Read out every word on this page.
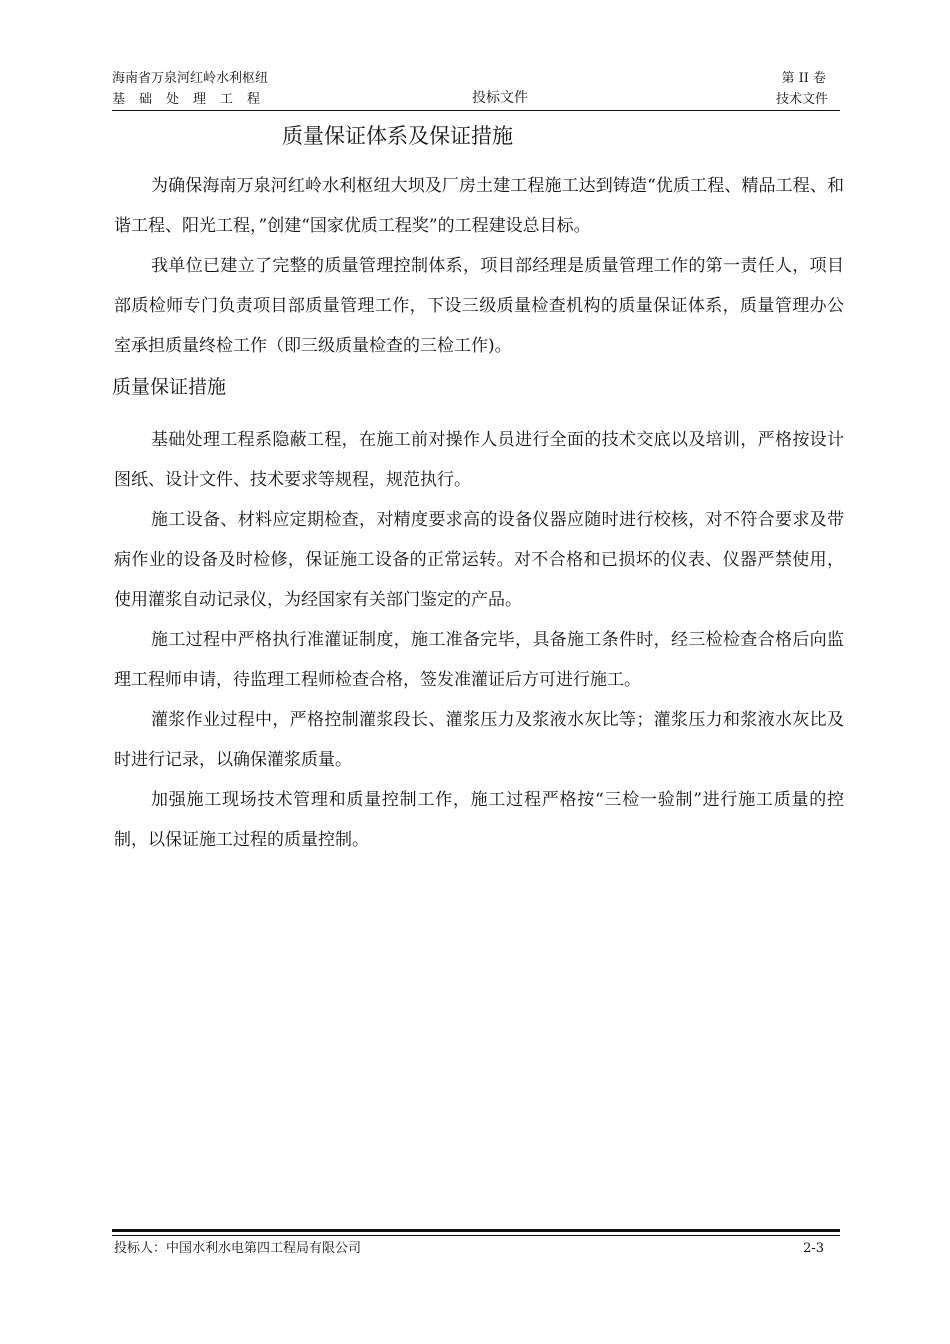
海南省万泉河红岭水利枢纽
基础处理工程	投标文件
第 II 卷
技术文件
质量保证体系及保证措施

为确保海南万泉河红岭水利枢纽大坝及厂房土建工程施工达到铸造“优质工程、精品工程、和谐工程、阳光工程，”创建“国家优质工程奖”的工程建设总目标。

我单位已建立了完整的质量管理控制体系，项目部经理是质量管理工作的第一责任人，项目部质检师专门负责项目部质量管理工作，下设三级质量检查机构的质量保证体系，质量管理办公室承担质量终检工作（即三级质量检查的三检工作)。

质量保证措施

基础处理工程系隐蔽工程，在施工前对操作人员进行全面的技术交底以及培训，严格按设计图纸、设计文件、技术要求等规程，规范执行。

施工设备、材料应定期检查，对精度要求高的设备仪器应随时进行校核，对不符合要求及带病作业的设备及时检修，保证施工设备的正常运转。对不合格和已损坏的仪表、仪器严禁使用，使用灌浆自动记录仪，为经国家有关部门鉴定的产品。

施工过程中严格执行准灌证制度，施工准备完毕，具备施工条件时，经三检检查合格后向监理工程师申请，待监理工程师检查合格，签发准灌证后方可进行施工。

灌浆作业过程中，严格控制灌浆段长、灌浆压力及浆液水灰比等；灌浆压力和浆液水灰比及时进行记录，以确保灌浆质量。

加强施工现场技术管理和质量控制工作，施工过程严格按“三检一验制”进行施工质量的控制，以保证施工过程的质量控制。

投标人：中国水利水电第四工程局有限公司	2-3
